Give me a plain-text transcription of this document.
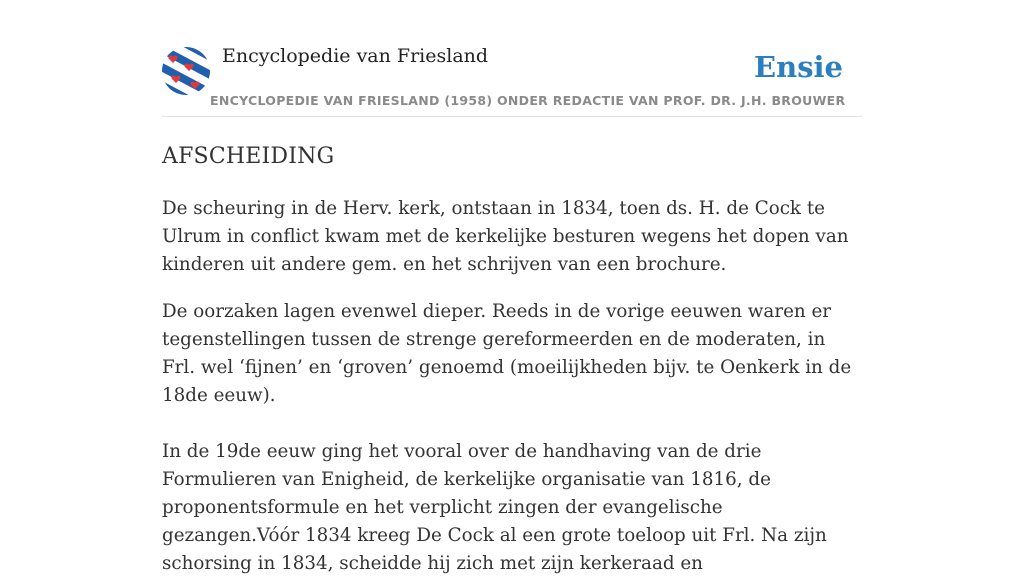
Encyclopedie van Friesland
ENCYCLOPEDIE VAN FRIESLAND (1958) ONDER REDACTIE VAN PROF. DR. J.H. BROUWER
Ensie
AFSCHEIDING

De scheuring in de Herv. kerk, ontstaan in 1834, toen ds. H. de Cock te Ulrum in conflict kwam met de kerkelijke besturen wegens het dopen van kinderen uit andere gem. en het schrijven van een brochure.

De oorzaken lagen evenwel dieper. Reeds in de vorige eeuwen waren er tegenstellingen tussen de strenge gereformeerden en de moderaten, in Frl. wel ‘fijnen’ en ‘groven’ genoemd (moeilijkheden bijv. te Oenkerk in de 18de eeuw).

In de 19de eeuw ging het vooral over de handhaving van de drie Formulieren van Enigheid, de kerkelijke organisatie van 1816, de proponentsformule en het verplicht zingen der evangelische gezangen.Vóór 1834 kreeg De Cock al een grote toeloop uit Frl. Na zijn schorsing in 1834, scheidde hij zich met zijn kerkeraad en
